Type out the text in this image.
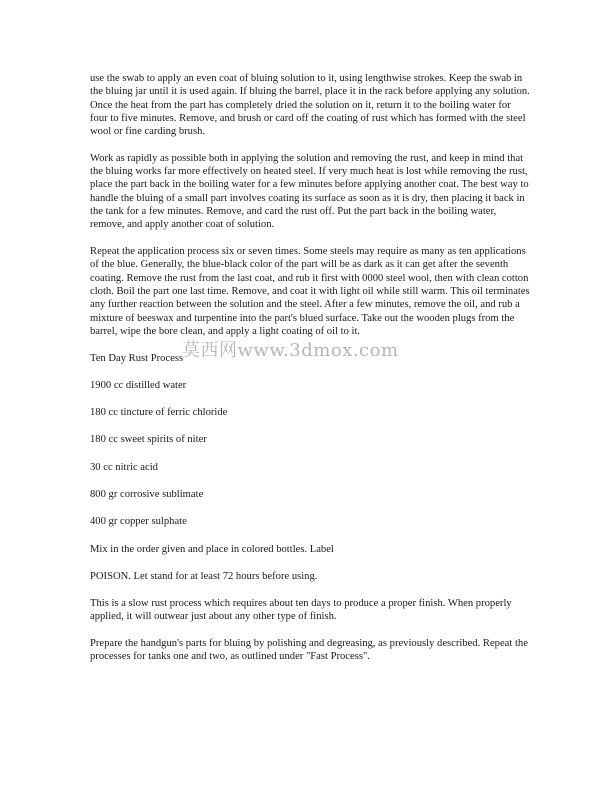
use the swab to apply an even coat of bluing solution to it, using lengthwise strokes. Keep the swab in the bluing jar until it is used again. If bluing the barrel, place it in the rack before applying any solution. Once the heat from the part has completely dried the solution on it, return it to the boiling water for four to five minutes. Remove, and brush or card off the coating of rust which has formed with the steel wool or fine carding brush.

Work as rapidly as possible both in applying the solution and removing the rust, and keep in mind that the bluing works far more effectively on heated steel. If very much heat is lost while removing the rust, place the part back in the boiling water for a few minutes before applying another coat. The best way to handle the bluing of a small part involves coating its surface as soon as it is dry, then placing it back in the tank for a few minutes. Remove, and card the rust off. Put the part back in the boiling water, remove, and apply another coat of solution.

Repeat the application process six or seven times. Some steels may require as many as ten applications of the blue. Generally, the blue-black color of the part will be as dark as it can get after the seventh coating. Remove the rust from the last coat, and rub it first with 0000 steel wool, then with clean cotton cloth. Boil the part one last time. Remove, and coat it with light oil while still warm. This oil terminates any further reaction between the solution and the steel. After a few minutes, remove the oil, and rub a mixture of beeswax and turpentine into the part's blued surface. Take out the wooden plugs from the barrel, wipe the bore clean, and apply a light coating of oil to it.

Ten Day Rust Process
莫西网www.3dmox.com

1900 cc distilled water

180 cc tincture of ferric chloride

180 cc sweet spirits of niter

30 cc nitric acid

800 gr corrosive sublimate

400 gr copper sulphate

Mix in the order given and place in colored bottles. Label

POISON. Let stand for at least 72 hours before using.

This is a slow rust process which requires about ten days to produce a proper finish. When properly applied, it will outwear just about any other type of finish.

Prepare the handgun's parts for bluing by polishing and degreasing, as previously described. Repeat the processes for tanks one and two, as outlined under "Fast Process".
